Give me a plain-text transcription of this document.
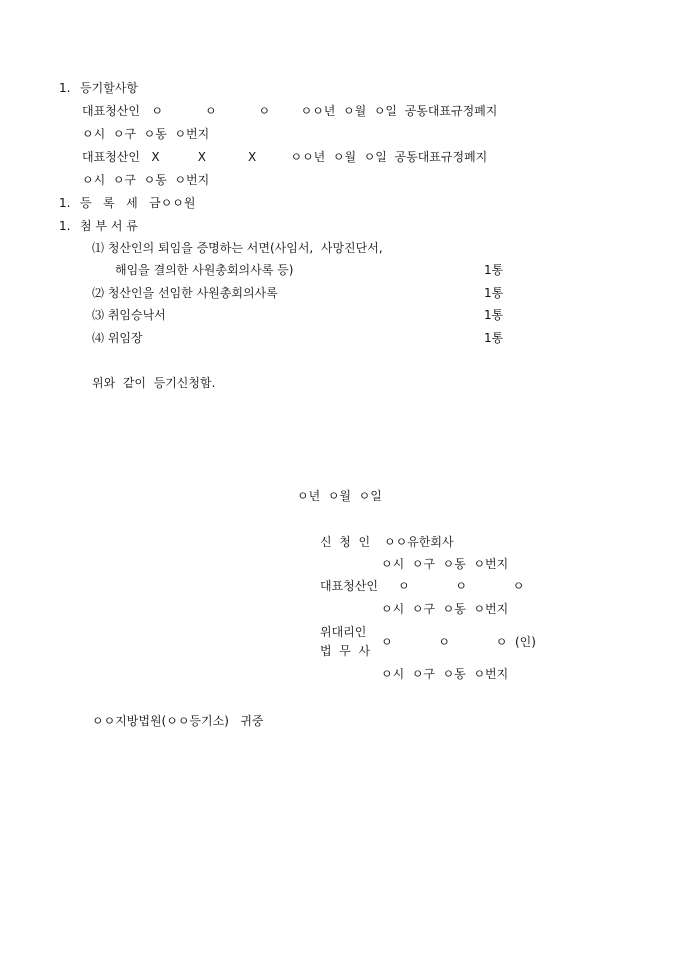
1. 등기할사항
대표청산인   ㅇ           ㅇ           ㅇ        ㅇㅇ년  ㅇ월  ㅇ일  공동대표규정폐지
ㅇ시  ㅇ구  ㅇ동  ㅇ번지
대표청산인   X          X           X         ㅇㅇ년  ㅇ월  ㅇ일  공동대표규정폐지
ㅇ시  ㅇ구  ㅇ동  ㅇ번지
1. 등   록   세   금ㅇㅇ원
1. 첨 부 서 류
⑴ 청산인의 퇴임을 증명하는 서면(사임서,  사망진단서,
해임을 결의한 사원총회의사록 등)	1통
⑵ 청산인을 선임한 사원총회의사록	1통
⑶ 취임승낙서	1통
⑷ 위임장	1통
위와  같이  등기신청함.
ㅇ년  ㅇ월  ㅇ일
신  청  인 ㅇㅇ유한회사
ㅇ시  ㅇ구  ㅇ동  ㅇ번지
대표청산인 ㅇ            ㅇ            ㅇ
ㅇ시  ㅇ구  ㅇ동  ㅇ번지
위대리인
법  무  사
ㅇ            ㅇ            ㅇ  (인)
ㅇ시  ㅇ구  ㅇ동  ㅇ번지
ㅇㅇ지방법원(ㅇㅇ등기소)   귀중
